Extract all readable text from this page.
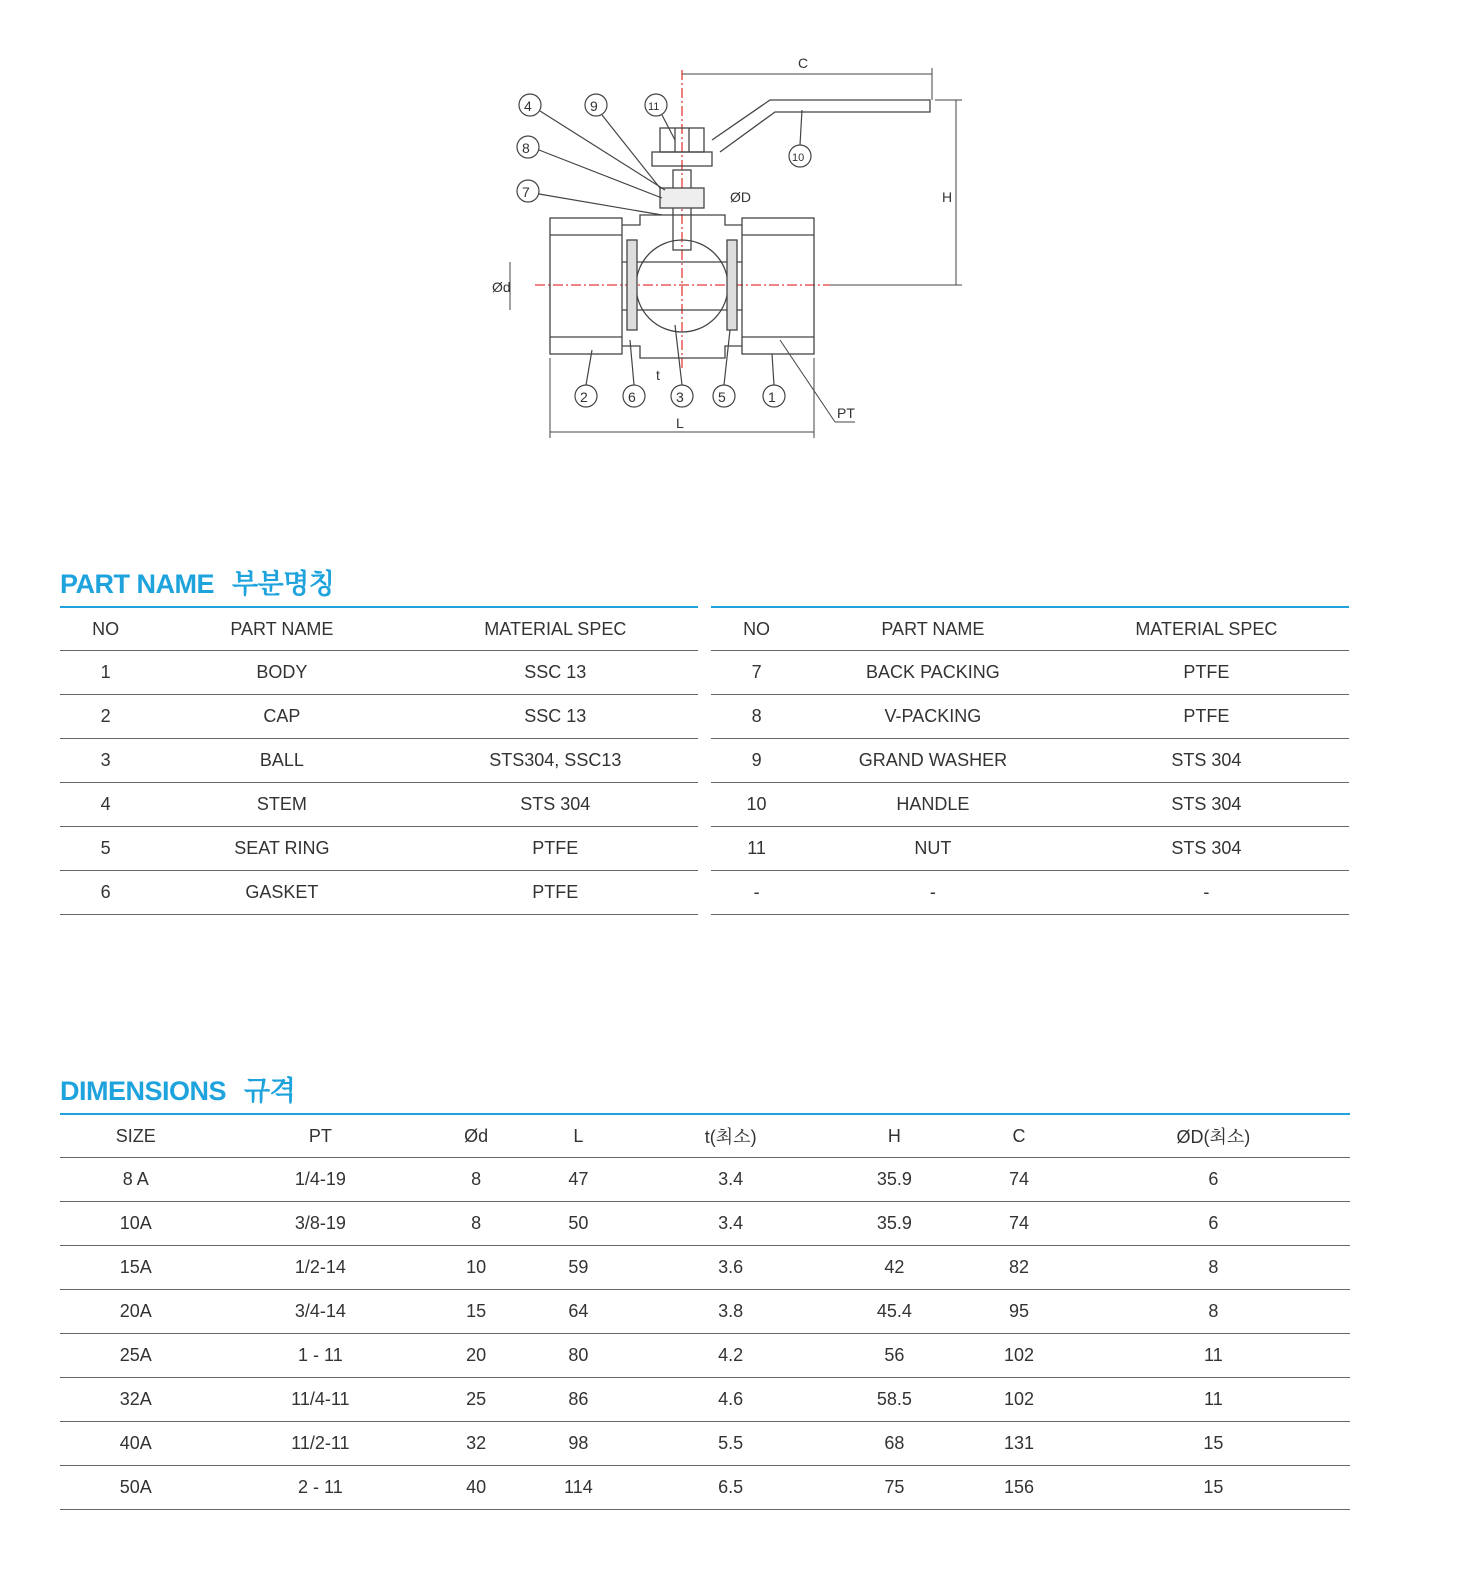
C
H
L
ØD
Ød
t
PT
4	9	11
8
7
10
2	6	3 5	1
PART NAME 부분명칭
NO	PART NAME	MATERIAL SPEC
1	BODY	SSC 13
2	CAP	SSC 13
3	BALL	STS304, SSC13
4	STEM	STS 304
5	SEAT RING	PTFE
6	GASKET	PTFE
NO	PART NAME	MATERIAL SPEC
7	BACK PACKING	PTFE
8	V-PACKING	PTFE
9	GRAND WASHER	STS 304
10	HANDLE	STS 304
11	NUT	STS 304
-	-	-
DIMENSIONS 규격
SIZE	PT	Ød	L	t(최소)	H	C	ØD(최소)
8 A	1/4-19	8	47	3.4	35.9	74	6
10A	3/8-19	8	50	3.4	35.9	74	6
15A	1/2-14	10	59	3.6	42	82	8
20A	3/4-14	15	64	3.8	45.4	95	8
25A	1 - 11	20	80	4.2	56	102	11
32A	11/4-11	25	86	4.6	58.5	102	11
40A	11/2-11	32	98	5.5	68	131	15
50A	2 - 11	40	114	6.5	75	156	15
